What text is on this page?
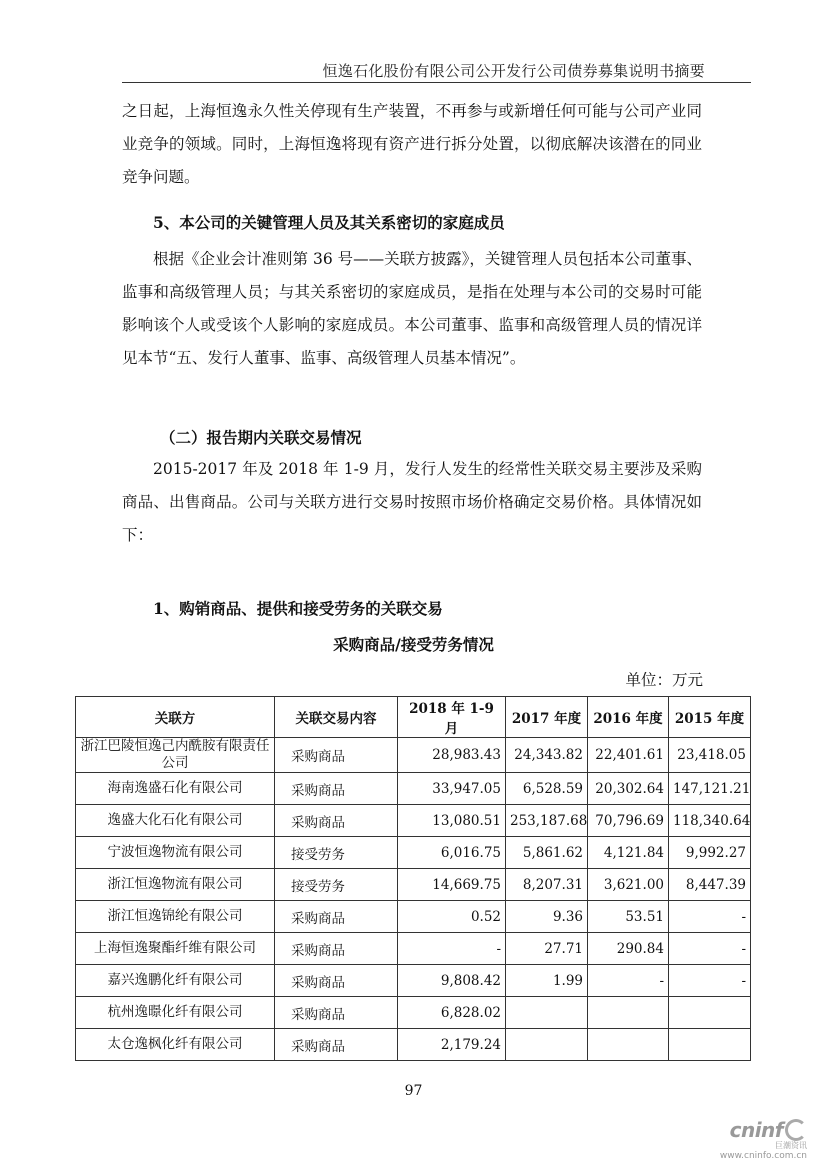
恒逸石化股份有限公司公开发行公司债券募集说明书摘要

之日起，上海恒逸永久性关停现有生产装置，不再参与或新增任何可能与公司产业同业竞争的领域。同时，上海恒逸将现有资产进行拆分处置，以彻底解决该潜在的同业竞争问题。

5、本公司的关键管理人员及其关系密切的家庭成员

根据《企业会计准则第 36 号——关联方披露》，关键管理人员包括本公司董事、监事和高级管理人员；与其关系密切的家庭成员，是指在处理与本公司的交易时可能影响该个人或受该个人影响的家庭成员。本公司董事、监事和高级管理人员的情况详见本节“五、发行人董事、监事、高级管理人员基本情况”。

（二）报告期内关联交易情况

2015-2017 年及 2018 年 1-9 月，发行人发生的经常性关联交易主要涉及采购商品、出售商品。公司与关联方进行交易时按照市场价格确定交易价格。具体情况如下：

1、购销商品、提供和接受劳务的关联交易

采购商品/接受劳务情况
单位：万元
关联方	关联交易内容	2018 年 1-9 月	2017 年度	2016 年度	2015 年度
浙江巴陵恒逸己内酰胺有限责任公司	采购商品	28,983.43	24,343.82	22,401.61	23,418.05
海南逸盛石化有限公司	采购商品	33,947.05	6,528.59	20,302.64	147,121.21
逸盛大化石化有限公司	采购商品	13,080.51	253,187.68	70,796.69	118,340.64
宁波恒逸物流有限公司	接受劳务	6,016.75	5,861.62	4,121.84	9,992.27
浙江恒逸物流有限公司	接受劳务	14,669.75	8,207.31	3,621.00	8,447.39
浙江恒逸锦纶有限公司	采购商品	0.52	9.36	53.51	-
上海恒逸聚酯纤维有限公司	采购商品	-	27.71	290.84	-
嘉兴逸鹏化纤有限公司	采购商品	9,808.42	1.99	-	-
杭州逸暻化纤有限公司	采购商品	6,828.02			
太仓逸枫化纤有限公司	采购商品	2,179.24			
97
cninf
巨潮资讯
www.cninfo.com.cn
